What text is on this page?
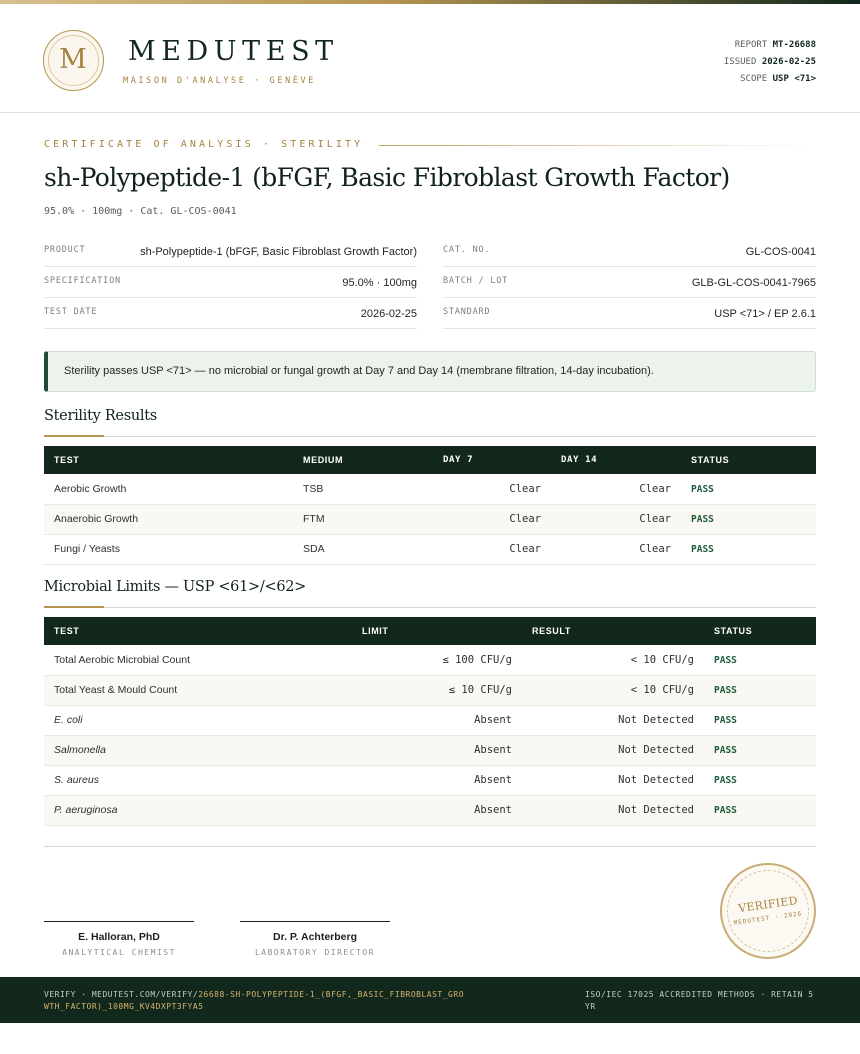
M	MEDUTEST
MAISON D'ANALYSE · GENÈVE
REPORT MT-26688
ISSUED 2026-02-25
SCOPE USP <71>
CERTIFICATE OF ANALYSIS · STERILITY
sh-Polypeptide-1 (bFGF, Basic Fibroblast Growth Factor)
95.0% · 100mg · Cat. GL-COS-0041
PRODUCT	sh-Polypeptide-1 (bFGF, Basic Fibroblast Growth Factor)
SPECIFICATION	95.0% · 100mg
TEST DATE	2026-02-25
CAT. NO.	GL-COS-0041
BATCH / LOT	GLB-GL-COS-0041-7965
STANDARD	USP <71> / EP 2.6.1
Sterility passes USP <71> — no microbial or fungal growth at Day 7 and Day 14 (membrane filtration, 14-day incubation).
Sterility Results
TEST	MEDIUM	DAY 7	DAY 14	STATUS
Aerobic Growth	TSB	Clear	Clear	PASS
Anaerobic Growth	FTM	Clear	Clear	PASS
Fungi / Yeasts	SDA	Clear	Clear	PASS
Microbial Limits — USP <61>/<62>
TEST	LIMIT	RESULT	STATUS
Total Aerobic Microbial Count	≤ 100 CFU/g	< 10 CFU/g	PASS
Total Yeast & Mould Count	≤ 10 CFU/g	< 10 CFU/g	PASS
E. coli	Absent	Not Detected	PASS
Salmonella	Absent	Not Detected	PASS
S. aureus	Absent	Not Detected	PASS
P. aeruginosa	Absent	Not Detected	PASS
E. Halloran, PhD
ANALYTICAL CHEMIST
Dr. P. Achterberg
LABORATORY DIRECTOR
VERIFIED
MEDUTEST · 2026
VERIFY · MEDUTEST.COM/VERIFY/26688-SH-POLYPEPTIDE-1_(BFGF,_BASIC_FIBROBLAST_GROWTH_FACTOR)_100MG_KV4DXPT3FYA5
ISO/IEC 17025 ACCREDITED METHODS · RETAIN 5 YR
